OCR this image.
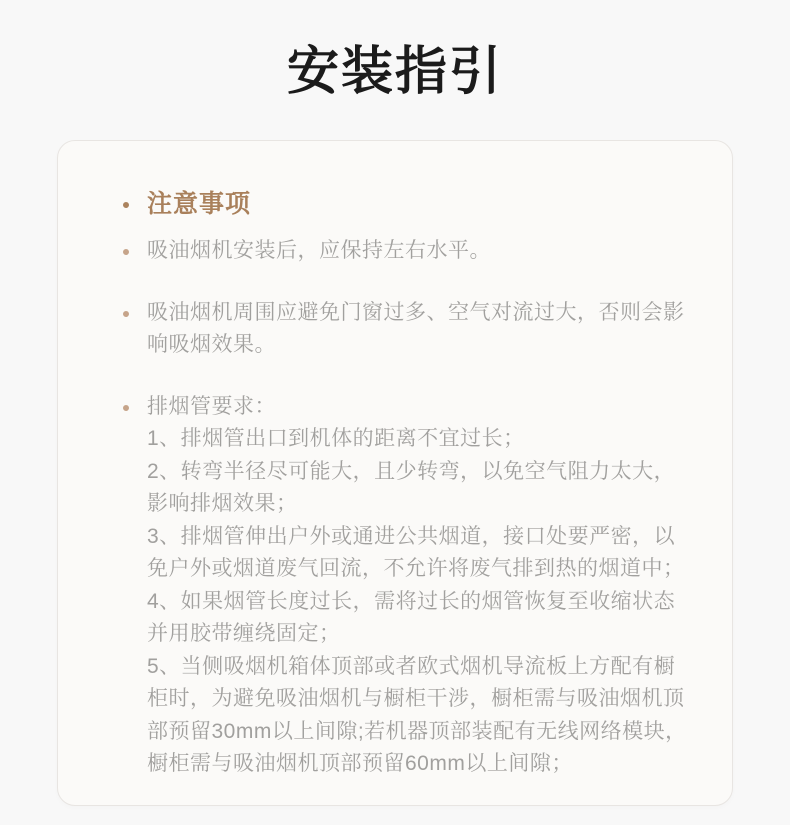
安装指引
注意事项
吸油烟机安装后，应保持左右水平。
吸油烟机周围应避免门窗过多、空气对流过大，否则会影响吸烟效果。
排烟管要求：
1、排烟管出口到机体的距离不宜过长；
2、转弯半径尽可能大，且少转弯，以免空气阻力太大，影响排烟效果；
3、排烟管伸出户外或通进公共烟道，接口处要严密，以免户外或烟道废气回流，不允许将废气排到热的烟道中；
4、如果烟管长度过长，需将过长的烟管恢复至收缩状态并用胶带缠绕固定；
5、当侧吸烟机箱体顶部或者欧式烟机导流板上方配有橱柜时，为避免吸油烟机与橱柜干涉，橱柜需与吸油烟机顶部预留30mm以上间隙;若机器顶部装配有无线网络模块，橱柜需与吸油烟机顶部预留60mm以上间隙；
